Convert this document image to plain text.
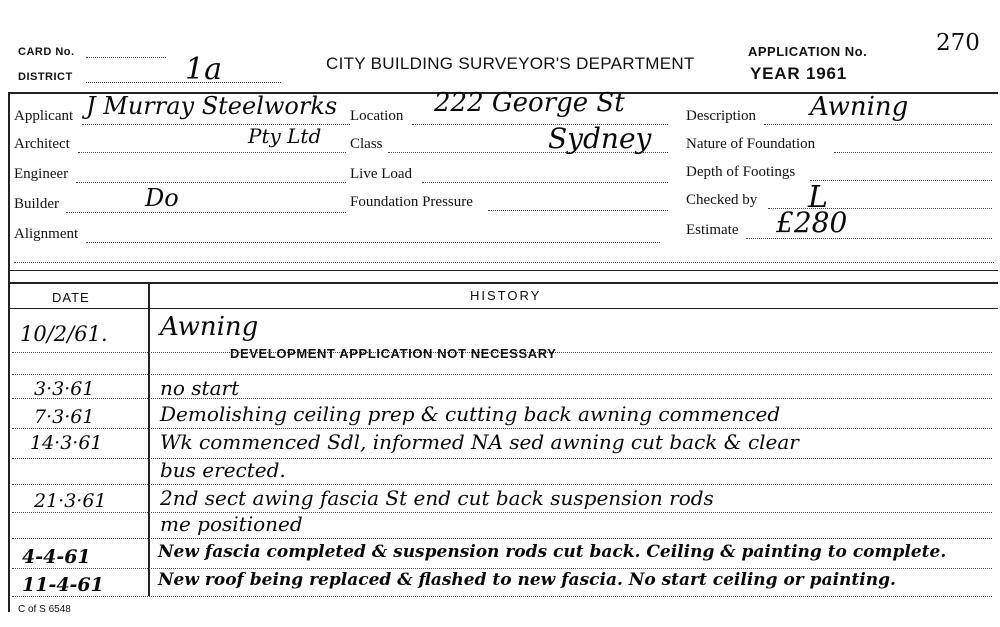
CARD No.
DISTRICT	1a	CITY BUILDING SURVEYOR'S DEPARTMENT
APPLICATION No.
YEAR 1961
270
Applicant J Murray Steelworks
Architect	Pty Ltd
Engineer
Builder	Do
Alignment
Location 222 George St
Class	Sydney
Live Load
Foundation Pressure
Description Awning
Nature of Foundation
Depth of Footings
Checked by L
Estimate £280
DATE	HISTORY
10/2/61. Awning
DEVELOPMENT APPLICATION NOT NECESSARY
3·3·61	no start
7·3·61	Demolishing ceiling prep & cutting back awning commenced
14·3·61	Wk commenced Sdl, informed NA sed awning cut back & clear
bus erected.
21·3·61	2nd sect awing fascia St end cut back suspension rods
me positioned
4-4-61	New fascia completed & suspension rods cut back. Ceiling & painting to complete.
11-4-61	New roof being replaced & flashed to new fascia. No start ceiling or painting.
C of S 6548
